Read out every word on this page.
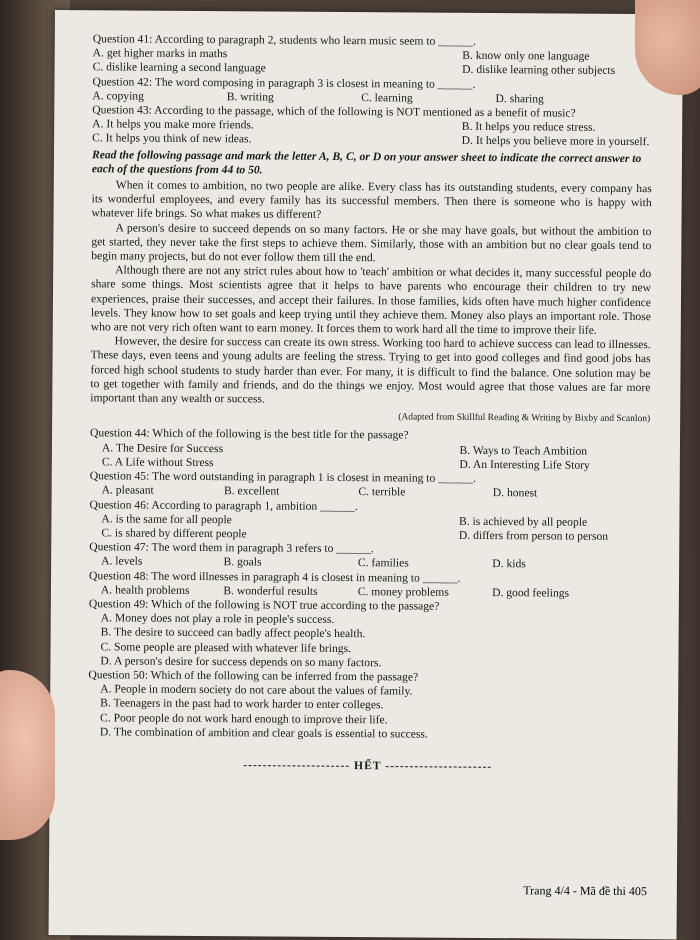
Question 41: According to paragraph 2, students who learn music seem to ______.

A. get higher marks in maths	B. know only one language
C. dislike learning a second language	D. dislike learning other subjects

Question 42: The word composing in paragraph 3 is closest in meaning to ______.

A. copying	B. writing	C. learning	D. sharing

Question 43: According to the passage, which of the following is NOT mentioned as a benefit of music?

A. It helps you make more friends.	B. It helps you reduce stress.
C. It helps you think of new ideas.	D. It helps you believe more in yourself.

Read the following passage and mark the letter A, B, C, or D on your answer sheet to indicate the correct answer to each of the questions from 44 to 50.

When it comes to ambition, no two people are alike. Every class has its outstanding students, every company has its wonderful employees, and every family has its successful members. Then there is someone who is happy with whatever life brings. So what makes us different?

A person's desire to succeed depends on so many factors. He or she may have goals, but without the ambition to get started, they never take the first steps to achieve them. Similarly, those with an ambition but no clear goals tend to begin many projects, but do not ever follow them till the end.

Although there are not any strict rules about how to 'teach' ambition or what decides it, many successful people do share some things. Most scientists agree that it helps to have parents who encourage their children to try new experiences, praise their successes, and accept their failures. In those families, kids often have much higher confidence levels. They know how to set goals and keep trying until they achieve them. Money also plays an important role. Those who are not very rich often want to earn money. It forces them to work hard all the time to improve their life.

However, the desire for success can create its own stress. Working too hard to achieve success can lead to illnesses. These days, even teens and young adults are feeling the stress. Trying to get into good colleges and find good jobs has forced high school students to study harder than ever. For many, it is difficult to find the balance. One solution may be to get together with family and friends, and do the things we enjoy. Most would agree that those values are far more important than any wealth or success.

(Adapted from Skillful Reading & Writing by Bixby and Scanlon)

Question 44: Which of the following is the best title for the passage?

A. The Desire for Success	B. Ways to Teach Ambition
C. A Life without Stress	D. An Interesting Life Story

Question 45: The word outstanding in paragraph 1 is closest in meaning to ______.

A. pleasant	B. excellent	C. terrible	D. honest

Question 46: According to paragraph 1, ambition ______.

A. is the same for all people	B. is achieved by all people
C. is shared by different people	D. differs from person to person

Question 47: The word them in paragraph 3 refers to ______.

A. levels	B. goals	C. families	D. kids

Question 48: The word illnesses in paragraph 4 is closest in meaning to ______.

A. health problems	B. wonderful results	C. money problems	D. good feelings

Question 49: Which of the following is NOT true according to the passage?

A. Money does not play a role in people's success.
B. The desire to succeed can badly affect people's health.
C. Some people are pleased with whatever life brings.
D. A person's desire for success depends on so many factors.

Question 50: Which of the following can be inferred from the passage?

A. People in modern society do not care about the values of family.
B. Teenagers in the past had to work harder to enter colleges.
C. Poor people do not work hard enough to improve their life.
D. The combination of ambition and clear goals is essential to success.

---------------------- HẾT ----------------------

Trang 4/4 - Mã đề thi 405
